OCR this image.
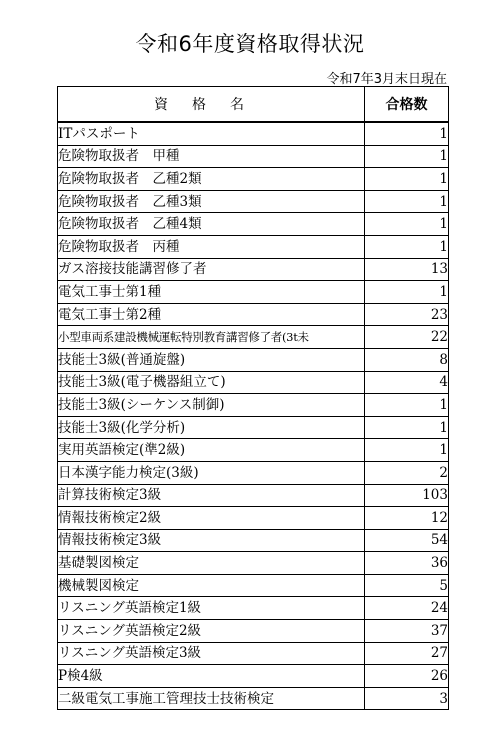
令和6年度資格取得状況
令和7年3月末日現在
資格名	合格数
ITパスポート	1
危険物取扱者　甲種	1
危険物取扱者　乙種2類	1
危険物取扱者　乙種3類	1
危険物取扱者　乙種4類	1
危険物取扱者　丙種	1
ガス溶接技能講習修了者	13
電気工事士第1種	1
電気工事士第2種	23
小型車両系建設機械運転特別教育講習修了者(3t未	22
技能士3級(普通旋盤)	8
技能士3級(電子機器組立て)	4
技能士3級(シーケンス制御)	1
技能士3級(化学分析)	1
実用英語検定(準2級)	1
日本漢字能力検定(3級)	2
計算技術検定3級	103
情報技術検定2級	12
情報技術検定3級	54
基礎製図検定	36
機械製図検定	5
リスニング英語検定1級	24
リスニング英語検定2級	37
リスニング英語検定3級	27
P検4級	26
二級電気工事施工管理技士技術検定	3
